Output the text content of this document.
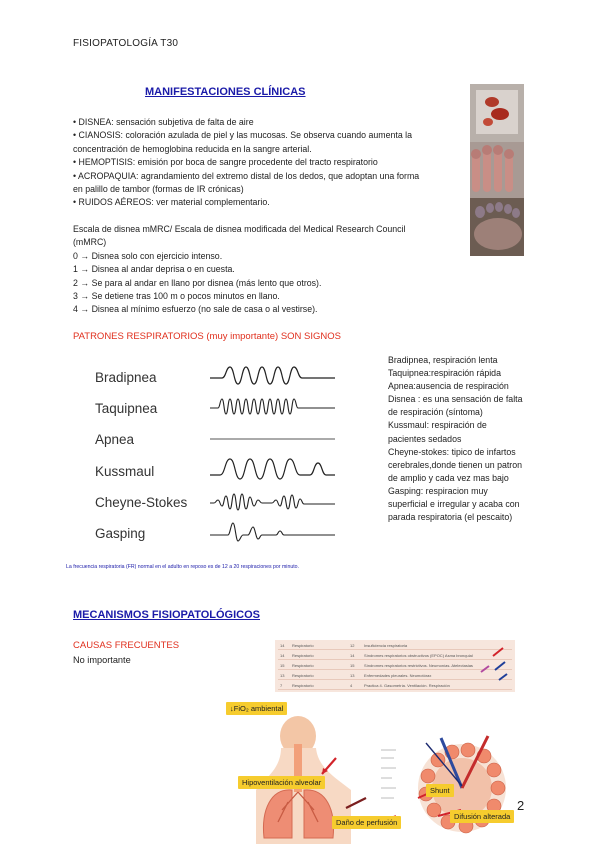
FISIOPATOLOGÍA T30
MANIFESTACIONES CLÍNICAS

• DISNEA: sensación subjetiva de falta de aire

• CIANOSIS: coloración azulada de piel y las mucosas. Se observa cuando aumenta la concentración de hemoglobina reducida en la sangre arterial.

• HEMOPTISIS: emisión por boca de sangre procedente del tracto respiratorio

• ACROPAQUIA: agrandamiento del extremo distal de los dedos, que adoptan una forma en palillo de tambor (formas de IR crónicas)

• RUIDOS AÉREOS: ver material complementario.

Escala de disnea mMRC/ Escala de disnea modificada del Medical Research Council (mMRC)

0 → Disnea solo con ejercicio intenso.

1 → Disnea al andar deprisa o en cuesta.

2 → Se para al andar en llano por disnea (más lento que otros).

3 → Se detiene tras 100 m o pocos minutos en llano.

4 → Disnea al mínimo esfuerzo (no sale de casa o al vestirse).

PATRONES RESPIRATORIOS (muy importante) SON SIGNOS
Bradipnea
Taquipnea
Apnea
Kussmaul
Cheyne-Stokes
Gasping

Bradipnea, respiración lenta

Taquipnea:respiración rápida

Apnea:ausencia de respiración

Disnea : es una sensación de falta de respiración (síntoma)

Kussmaul: respiración de pacientes sedados

Cheyne-stokes: tipico de infartos cerebrales,donde tienen un patron de amplio y cada vez mas bajo

Gasping: respiracion muy superficial e irregular y acaba con parada respiratoria (el pescaito)

La frecuencia respiratoria (FR) normal en el adulto en reposo es de 12 a 20 respiraciones por minuto.
MECANISMOS FISIOPATOLÓGICOS
CAUSAS FRECUENTES
No importante
14 Respiratorio	12 Insuficiencia respiratoria
14 Respiratorio	14 Síndromes respiratorios obstructivos (EPOC) Asma bronquial
15 Respiratorio	15 Síndromes respiratorios restrictivos. Neumonías. Atelectasias
13 Respiratorio	13 Enfermedades pleurales. Neumotórax
7 Respiratorio	4	Practica 4. Gasometría. Ventilación. Respiración
↓FiO₂ ambiental
Hipoventilación alveolar
Shunt
Daño de perfusión
Difusión alterada
2
